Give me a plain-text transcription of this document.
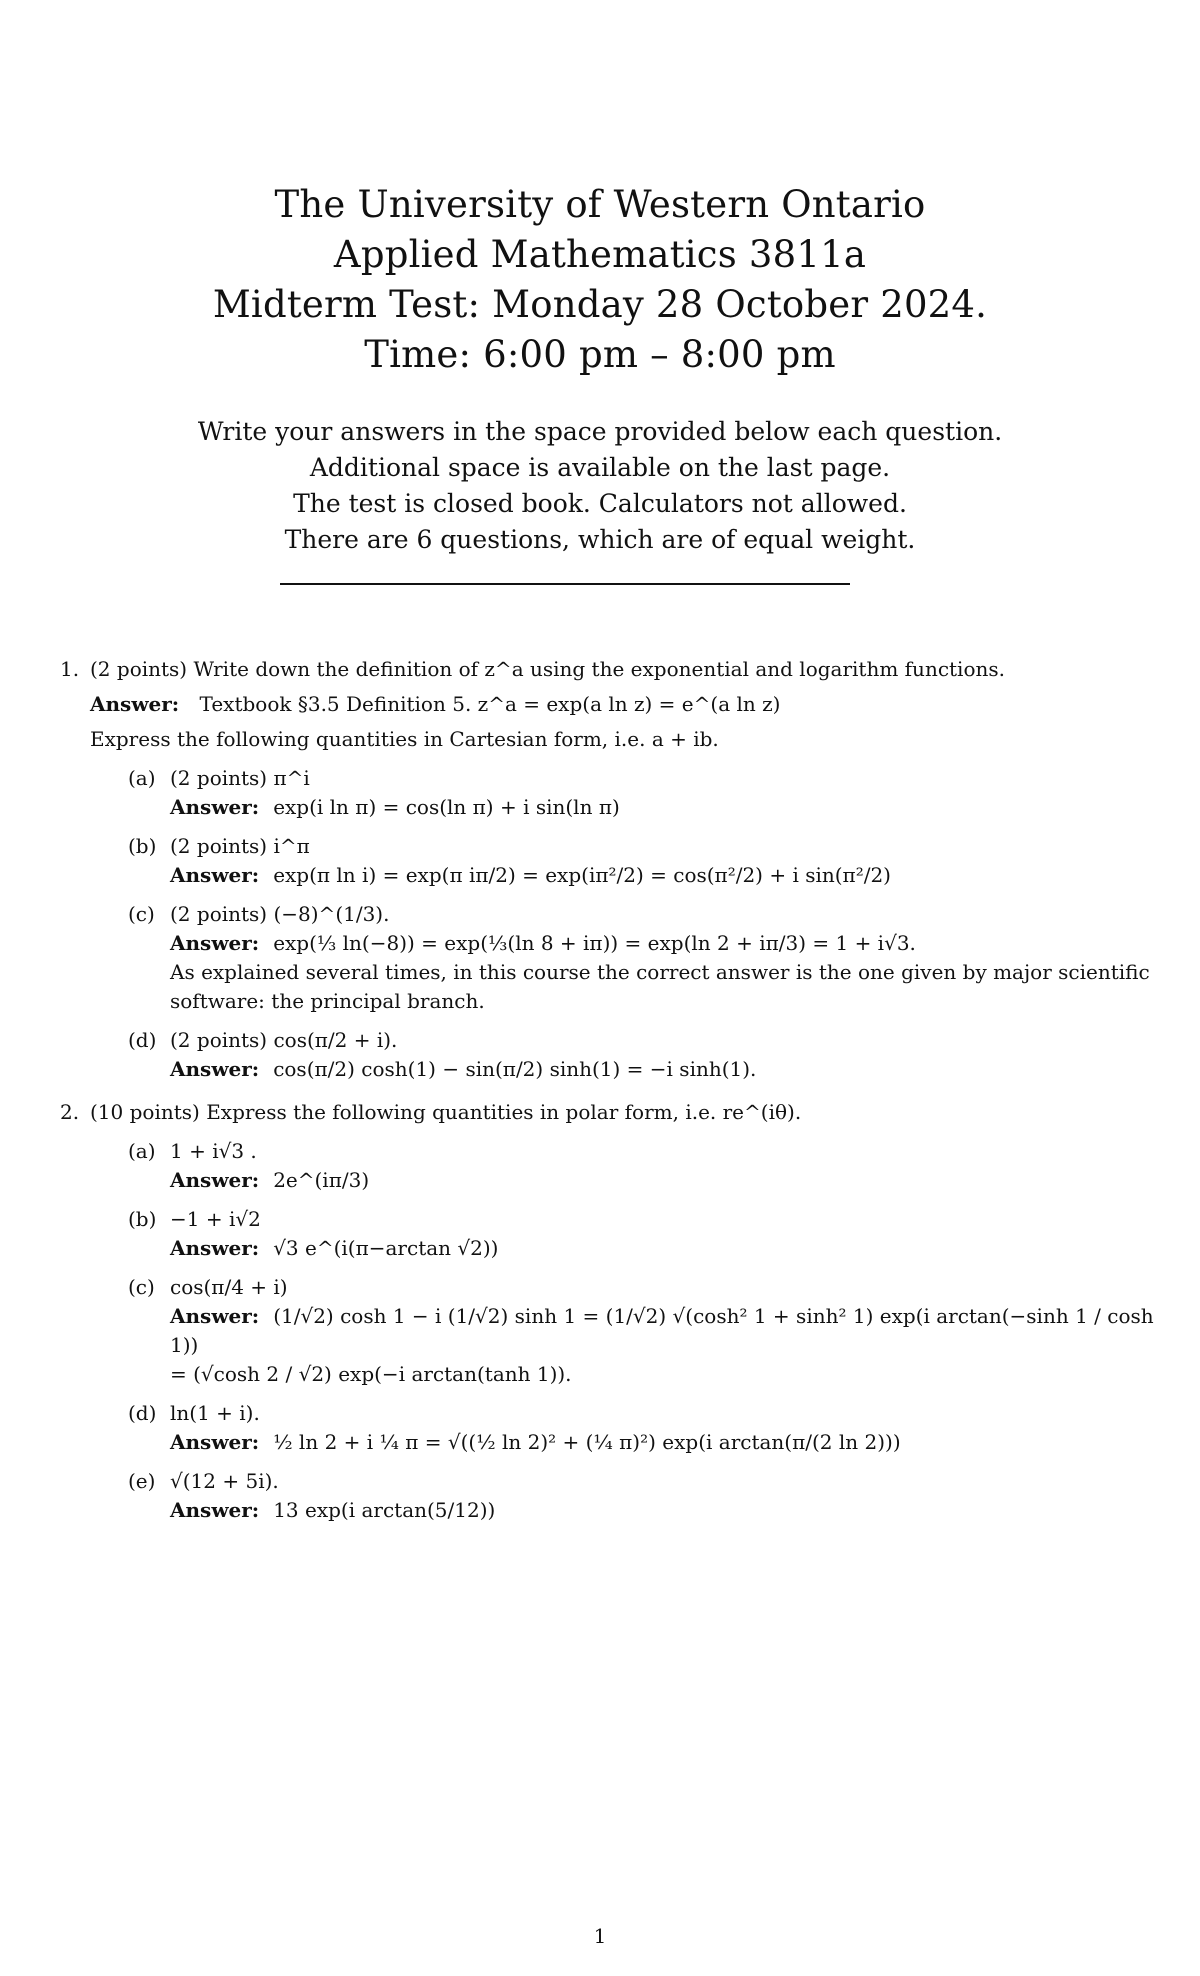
The University of Western Ontario
Applied Mathematics 3811a
Midterm Test: Monday 28 October 2024.
Time: 6:00 pm – 8:00 pm
Write your answers in the space provided below each question.
Additional space is available on the last page.
The test is closed book. Calculators not allowed.
There are 6 questions, which are of equal weight.
1. (2 points) Write down the definition of z^a using the exponential and logarithm functions.
Answer: Textbook §3.5 Definition 5. z^a = exp(a ln z) = e^(a ln z)
Express the following quantities in Cartesian form, i.e. a + ib.
(a) (2 points) π^i
Answer: exp(i ln π) = cos(ln π) + i sin(ln π)
(b) (2 points) i^π
Answer: exp(π ln i) = exp(π iπ/2) = exp(iπ²/2) = cos(π²/2) + i sin(π²/2)
(c) (2 points) (−8)^(1/3).
Answer: exp(⅓ ln(−8)) = exp(⅓(ln 8 + iπ)) = exp(ln 2 + iπ/3) = 1 + i√3.
As explained several times, in this course the correct answer is the one given by major scientific software: the principal branch.
(d) (2 points) cos(π/2 + i).
Answer: cos(π/2) cosh(1) − sin(π/2) sinh(1) = −i sinh(1).
2. (10 points) Express the following quantities in polar form, i.e. re^(iθ).
(a) 1 + i√3 .
Answer: 2e^(iπ/3)
(b) −1 + i√2
Answer: √3 e^(i(π−arctan √2))
(c) cos(π/4 + i)
Answer: (1/√2) cosh 1 − i (1/√2) sinh 1 = (1/√2) √(cosh² 1 + sinh² 1) exp(i arctan(−sinh 1 / cosh 1))
= (√cosh 2 / √2) exp(−i arctan(tanh 1)).
(d) ln(1 + i).
Answer: ½ ln 2 + i ¼ π = √((½ ln 2)² + (¼ π)²) exp(i arctan(π/(2 ln 2)))
(e) √(12 + 5i).
Answer: 13 exp(i arctan(5/12))
1
